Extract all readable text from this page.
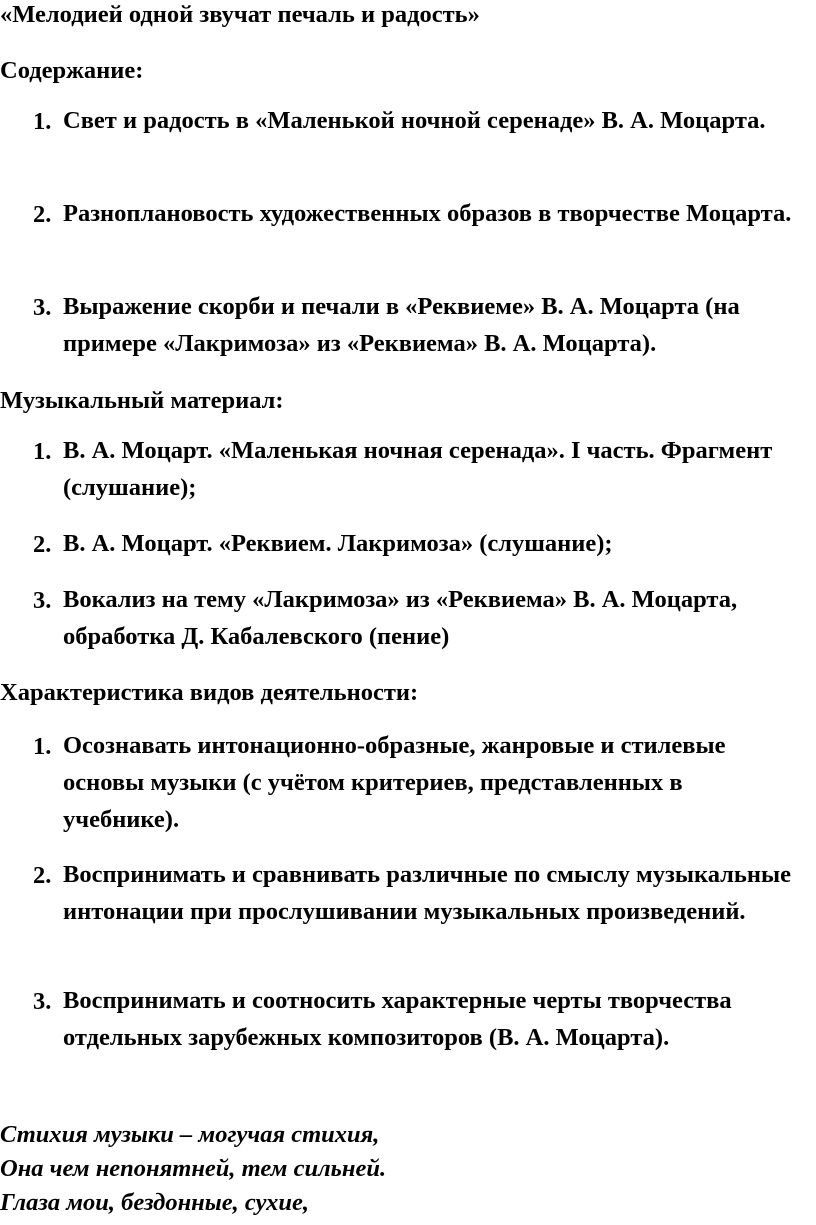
«Мелодией одной звучат печаль и радость»
Содержание:
1. Свет и радость в «Маленькой ночной серенаде» В. А. Моцарта.
2. Разноплановость художественных образов в творчестве Моцарта.
3. Выражение скорби и печали в «Реквиеме» В. А. Моцарта (на примере «Лакримоза» из «Реквиема» В. А. Моцарта).
Музыкальный материал:
1. В. А. Моцарт. «Маленькая ночная серенада». I часть. Фрагмент (слушание);
2. В. А. Моцарт. «Реквием. Лакримоза» (слушание);
3. Вокализ на тему «Лакримоза» из «Реквиема» В. А. Моцарта, обработка Д. Кабалевского (пение)
Характеристика видов деятельности:
1. Осознавать интонационно-образные, жанровые и стилевые основы музыки (с учётом критериев, представленных в учебнике).
2. Воспринимать и сравнивать различные по смыслу музыкальные интонации при прослушивании музыкальных произведений.
3. Воспринимать и соотносить характерные черты творчества отдельных зарубежных композиторов (В. А. Моцарта).
Стихия музыки – могучая стихия,
Она чем непонятней, тем сильней.
Глаза мои, бездонные, сухие,
